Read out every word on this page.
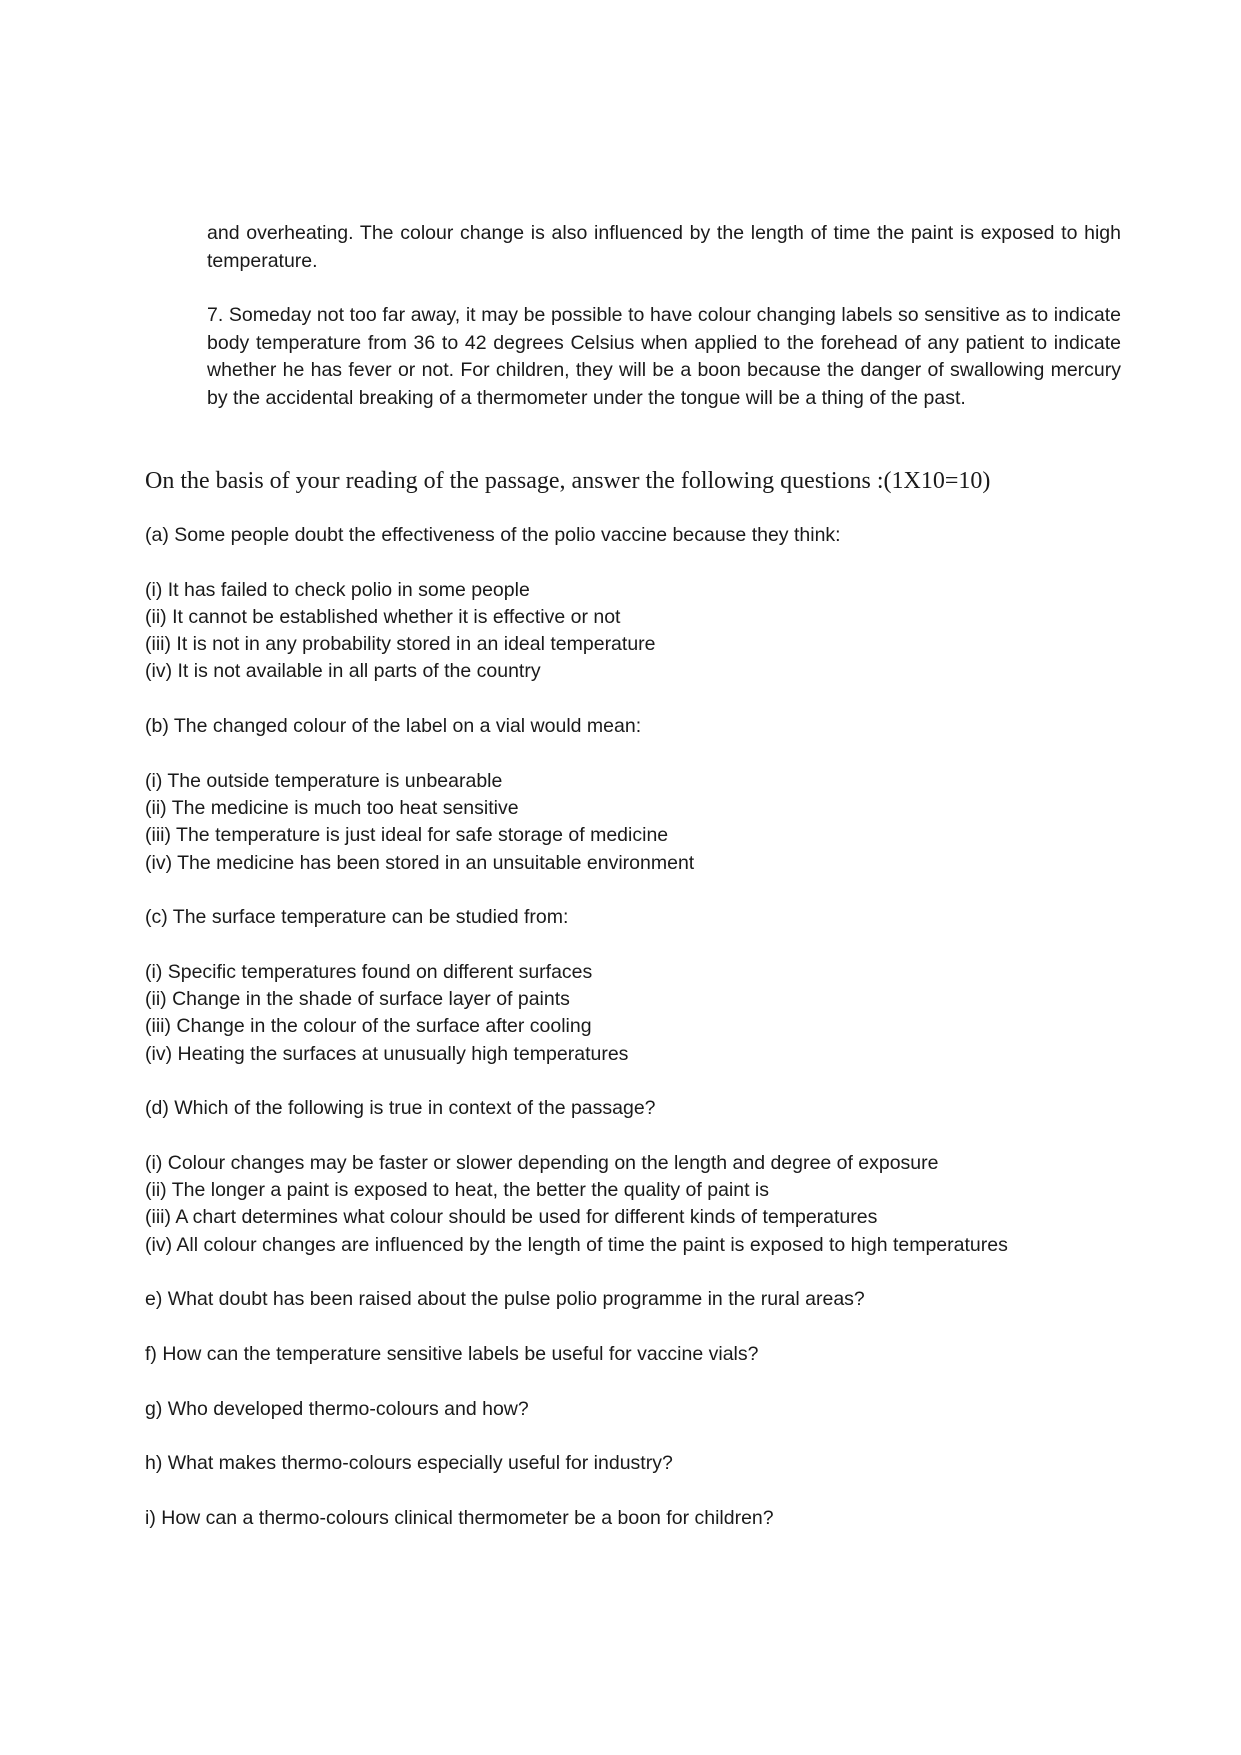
and overheating. The colour change is also influenced by the length of time the paint is exposed to high temperature.

7. Someday not too far away, it may be possible to have colour changing labels so sensitive as to indicate body temperature from 36 to 42 degrees Celsius when applied to the forehead of any patient to indicate whether he has fever or not. For children, they will be a boon because the danger of swallowing mercury by the accidental breaking of a thermometer under the tongue will be a thing of the past.

On the basis of your reading of the passage, answer the following questions :(1X10=10)
(a) Some people doubt the effectiveness of the polio vaccine because they think:
(i) It has failed to check polio in some people
(ii) It cannot be established whether it is effective or not
(iii) It is not in any probability stored in an ideal temperature
(iv) It is not available in all parts of the country
(b) The changed colour of the label on a vial would mean:
(i) The outside temperature is unbearable
(ii) The medicine is much too heat sensitive
(iii) The temperature is just ideal for safe storage of medicine
(iv) The medicine has been stored in an unsuitable environment
(c) The surface temperature can be studied from:
(i) Specific temperatures found on different surfaces
(ii) Change in the shade of surface layer of paints
(iii) Change in the colour of the surface after cooling
(iv) Heating the surfaces at unusually high temperatures
(d) Which of the following is true in context of the passage?
(i) Colour changes may be faster or slower depending on the length and degree of exposure
(ii) The longer a paint is exposed to heat, the better the quality of paint is
(iii) A chart determines what colour should be used for different kinds of temperatures
(iv) All colour changes are influenced by the length of time the paint is exposed to high temperatures
e) What doubt has been raised about the pulse polio programme in the rural areas?
f) How can the temperature sensitive labels be useful for vaccine vials?
g) Who developed thermo-colours and how?
h) What makes thermo-colours especially useful for industry?
i) How can a thermo-colours clinical thermometer be a boon for children?
